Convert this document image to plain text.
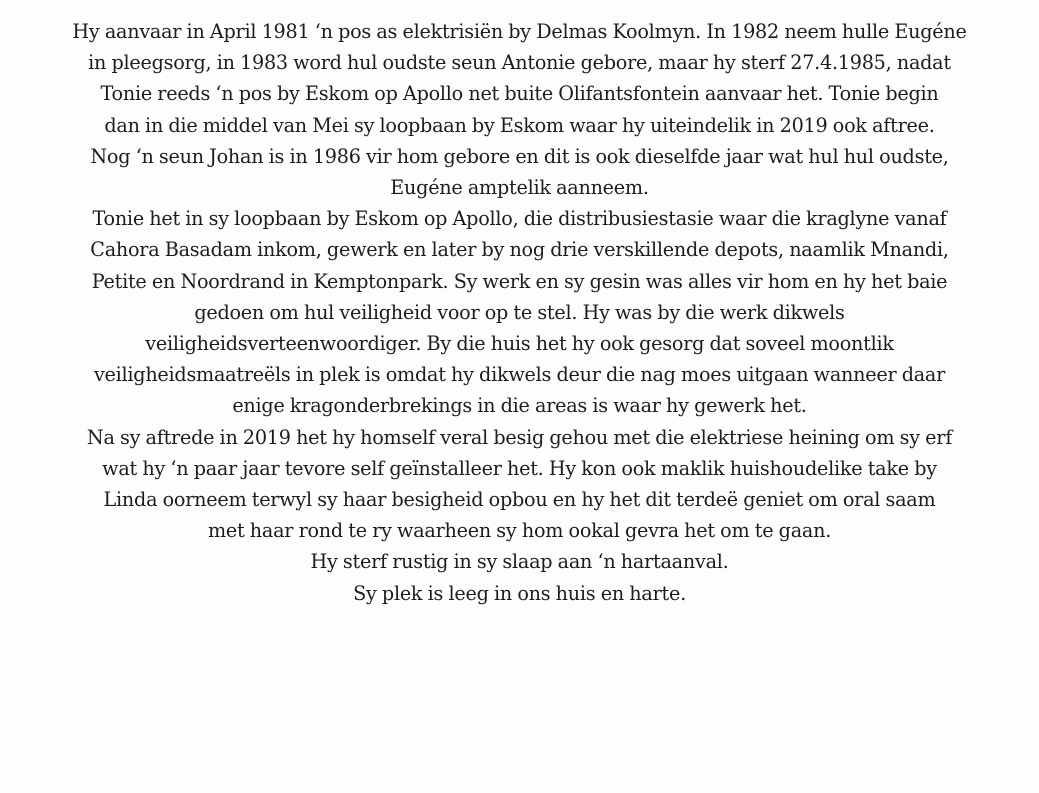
Hy aanvaar in April 1981 ‘n pos as elektrisiën by Delmas Koolmyn. In 1982 neem hulle Eugéne
in pleegsorg, in 1983 word hul oudste seun Antonie gebore, maar hy sterf 27.4.1985, nadat
Tonie reeds ‘n pos by Eskom op Apollo net buite Olifantsfontein aanvaar het. Tonie begin
dan in die middel van Mei sy loopbaan by Eskom waar hy uiteindelik in 2019 ook aftree.
Nog ‘n seun Johan is in 1986 vir hom gebore en dit is ook dieselfde jaar wat hul hul oudste,
Eugéne amptelik aanneem.
Tonie het in sy loopbaan by Eskom op Apollo, die distribusiestasie waar die kraglyne vanaf
Cahora Basadam inkom, gewerk en later by nog drie verskillende depots, naamlik Mnandi,
Petite en Noordrand in Kemptonpark. Sy werk en sy gesin was alles vir hom en hy het baie
gedoen om hul veiligheid voor op te stel. Hy was by die werk dikwels
veiligheidsverteenwoordiger. By die huis het hy ook gesorg dat soveel moontlik
veiligheidsmaatreëls in plek is omdat hy dikwels deur die nag moes uitgaan wanneer daar
enige kragonderbrekings in die areas is waar hy gewerk het.
Na sy aftrede in 2019 het hy homself veral besig gehou met die elektriese heining om sy erf
wat hy ‘n paar jaar tevore self geïnstalleer het. Hy kon ook maklik huishoudelike take by
Linda oorneem terwyl sy haar besigheid opbou en hy het dit terdeë geniet om oral saam
met haar rond te ry waarheen sy hom ookal gevra het om te gaan.
Hy sterf rustig in sy slaap aan ‘n hartaanval.
Sy plek is leeg in ons huis en harte.
